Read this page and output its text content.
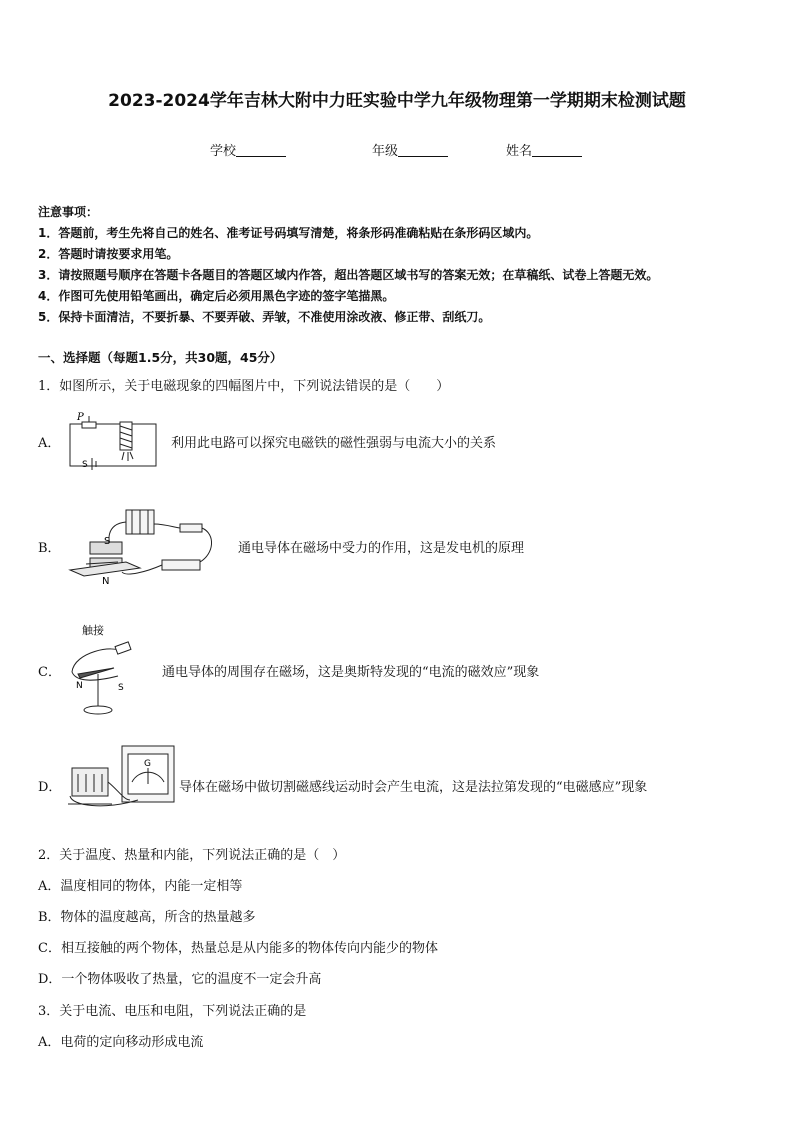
2023-2024学年吉林大附中力旺实验中学九年级物理第一学期期末检测试题
学校	年级	姓名
注意事项：
1．答题前，考生先将自己的姓名、准考证号码填写清楚，将条形码准确粘贴在条形码区域内。
2．答题时请按要求用笔。
3．请按照题号顺序在答题卡各题目的答题区域内作答，超出答题区域书写的答案无效；在草稿纸、试卷上答题无效。
4．作图可先使用铅笔画出，确定后必须用黑色字迹的签字笔描黑。
5．保持卡面清洁，不要折暴、不要弄破、弄皱，不准使用涂改液、修正带、刮纸刀。
一、选择题（每题1.5分，共30题，45分）
1．如图所示，关于电磁现象的四幅图片中，下列说法错误的是（　　）
A．
P
S
利用此电路可以探究电磁铁的磁性强弱与电流大小的关系
B．	S
N
通电导体在磁场中受力的作用，这是发电机的原理
C．
触接
N	S
通电导体的周围存在磁场，这是奥斯特发现的“电流的磁效应”现象
D．
G
导体在磁场中做切割磁感线运动时会产生电流，这是法拉第发现的“电磁感应”现象
2．关于温度、热量和内能，下列说法正确的是（　）
A．温度相同的物体，内能一定相等
B．物体的温度越高，所含的热量越多
C．相互接触的两个物体，热量总是从内能多的物体传向内能少的物体
D．一个物体吸收了热量，它的温度不一定会升高
3．关于电流、电压和电阻，下列说法正确的是
A．电荷的定向移动形成电流
